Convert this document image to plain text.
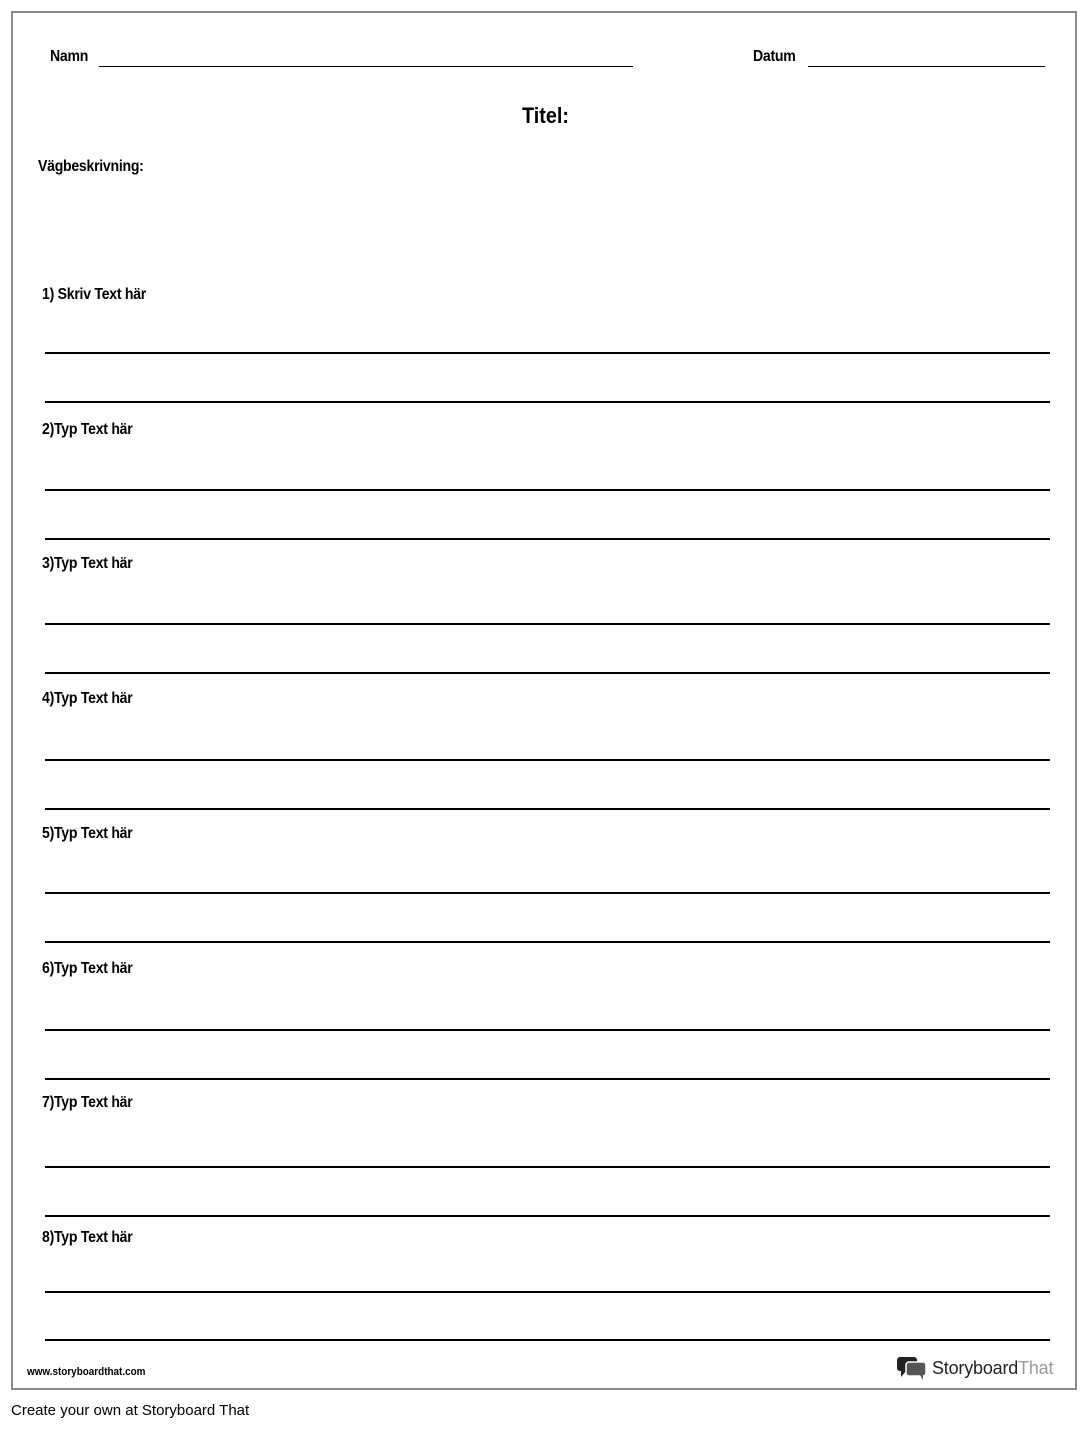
Namn	Datum
Titel:
Vägbeskrivning:
1) Skriv Text här
2)Typ Text här
3)Typ Text här
4)Typ Text här
5)Typ Text här
6)Typ Text här
7)Typ Text här
8)Typ Text här
www.storyboardthat.com	StoryboardThat
Create your own at Storyboard That
